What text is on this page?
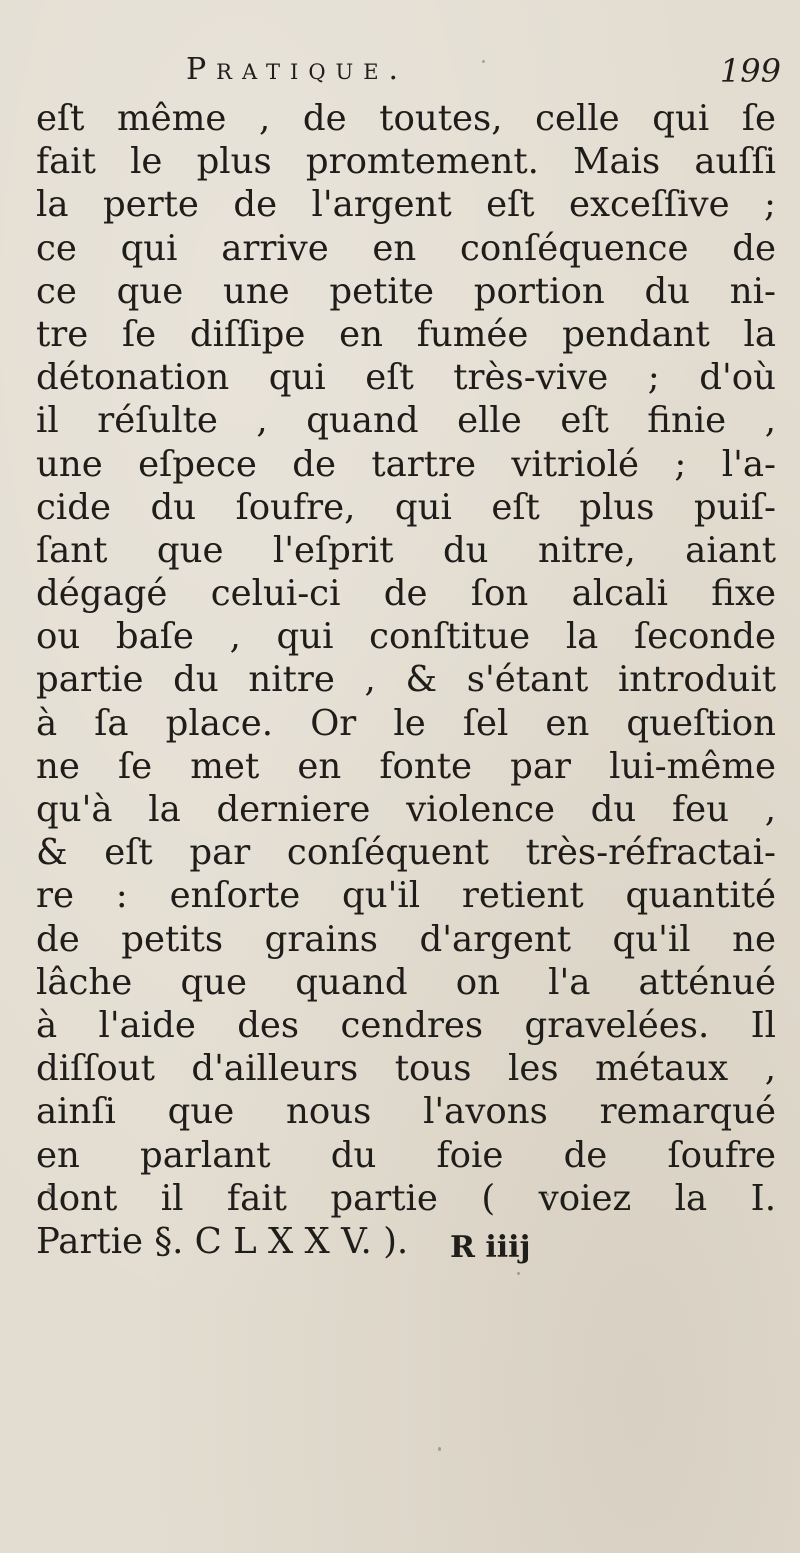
Pratique.	199
eſt même , de toutes, celle qui ſe
fait le plus promtement. Mais auſſi
la perte de l'argent eſt exceſſive ;
ce qui arrive en conſéquence de
ce que une petite portion du ni-
tre ſe diſſipe en fumée pendant la
détonation qui eſt très-vive ; d'où
il réſulte , quand elle eſt finie ,
une eſpece de tartre vitriolé ; l'a-
cide du ſoufre, qui eſt plus puiſ-
ſant que l'eſprit du nitre, aiant
dégagé celui-ci de ſon alcali fixe
ou baſe , qui conſtitue la ſeconde
partie du nitre , & s'étant introduit
à ſa place. Or le ſel en queſtion
ne ſe met en fonte par lui-même
qu'à la derniere violence du feu ,
& eſt par conſéquent très-réfractai-
re : enſorte qu'il retient quantité
de petits grains d'argent qu'il ne
lâche que quand on l'a atténué
à l'aide des cendres gravelées. Il
diſſout d'ailleurs tous les métaux ,
ainſi que nous l'avons remarqué
en parlant du foie de ſoufre
dont il fait partie ( voiez la I.
Partie §. C L X X V. ).	R iiij
